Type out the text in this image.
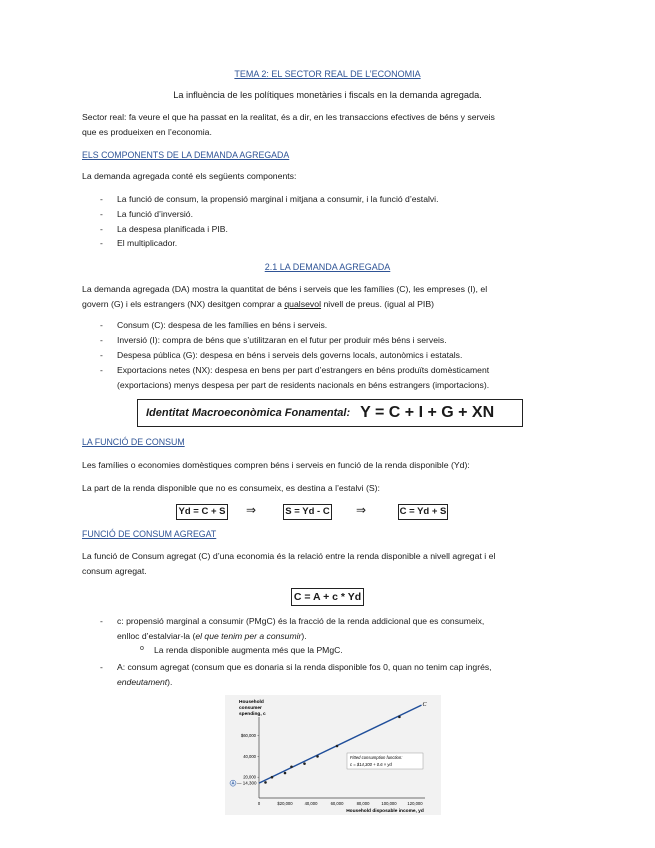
TEMA 2: EL SECTOR REAL DE L’ECONOMIA
La influència de les polítiques monetàries i fiscals en la demanda agregada.
Sector real: fa veure el que ha passat en la realitat, és a dir, en les transaccions efectives de béns y serveis
que es produeixen en l’economia.
ELS COMPONENTS DE LA DEMANDA AGREGADA
La demanda agregada conté els següents components:
-	La funció de consum, la propensió marginal i mitjana a consumir, i la funció d’estalvi.
-	La funció d’inversió.
-	La despesa planificada i PIB.
-	El multiplicador.
2.1 LA DEMANDA AGREGADA
La demanda agregada (DA) mostra la quantitat de béns i serveis que les famílies (C), les empreses (I), el
govern (G) i els estrangers (NX) desitgen comprar a qualsevol nivell de preus. (igual al PIB)
-	Consum (C): despesa de les famílies en béns i serveis.
-	Inversió (I): compra de béns que s’utilitzaran en el futur per produir més béns i serveis.
-	Despesa pública (G): despesa en béns i serveis dels governs locals, autonòmics i estatals.
-	Exportacions netes (NX): despesa en bens per part d’estrangers en béns produïts domèsticament
(exportacions) menys despesa per part de residents nacionals en béns estrangers (importacions).
Identitat Macroeconòmica Fonamental: Y = C + I + G + XN
LA FUNCIÓ DE CONSUM
Les famílies o economies domèstiques compren béns i serveis en funció de la renda disponible (Yd):
La part de la renda disponible que no es consumeix, es destina a l’estalvi (S):
Yd = C + S ⇒	S = Yd - C ⇒	C = Yd + S
FUNCIÓ DE CONSUM AGREGAT
La funció de Consum agregat (C) d’una economia és la relació entre la renda disponible a nivell agregat i el
consum agregat.
C = A + c * Yd
-	c: propensió marginal a consumir (PMgC) és la fracció de la renda addicional que es consumeix,
enlloc d’estalviar-la (el que tenim per a consumir).
o	La renda disponible augmenta més que la PMgC.
-	A: consum agregat (consum que es donaria si la renda disponible fos 0, quan no tenim cap ingrés,
endeutament).
Household
consumer
spending, c
$60,000
40,000
20,000
0	$20,000	40,000	60,000	80,000	100,000	120,000
C
Fitted consumption function:
c = $14,300 + 0.6 × yd
A — 14,300
Household disposable income, yd
